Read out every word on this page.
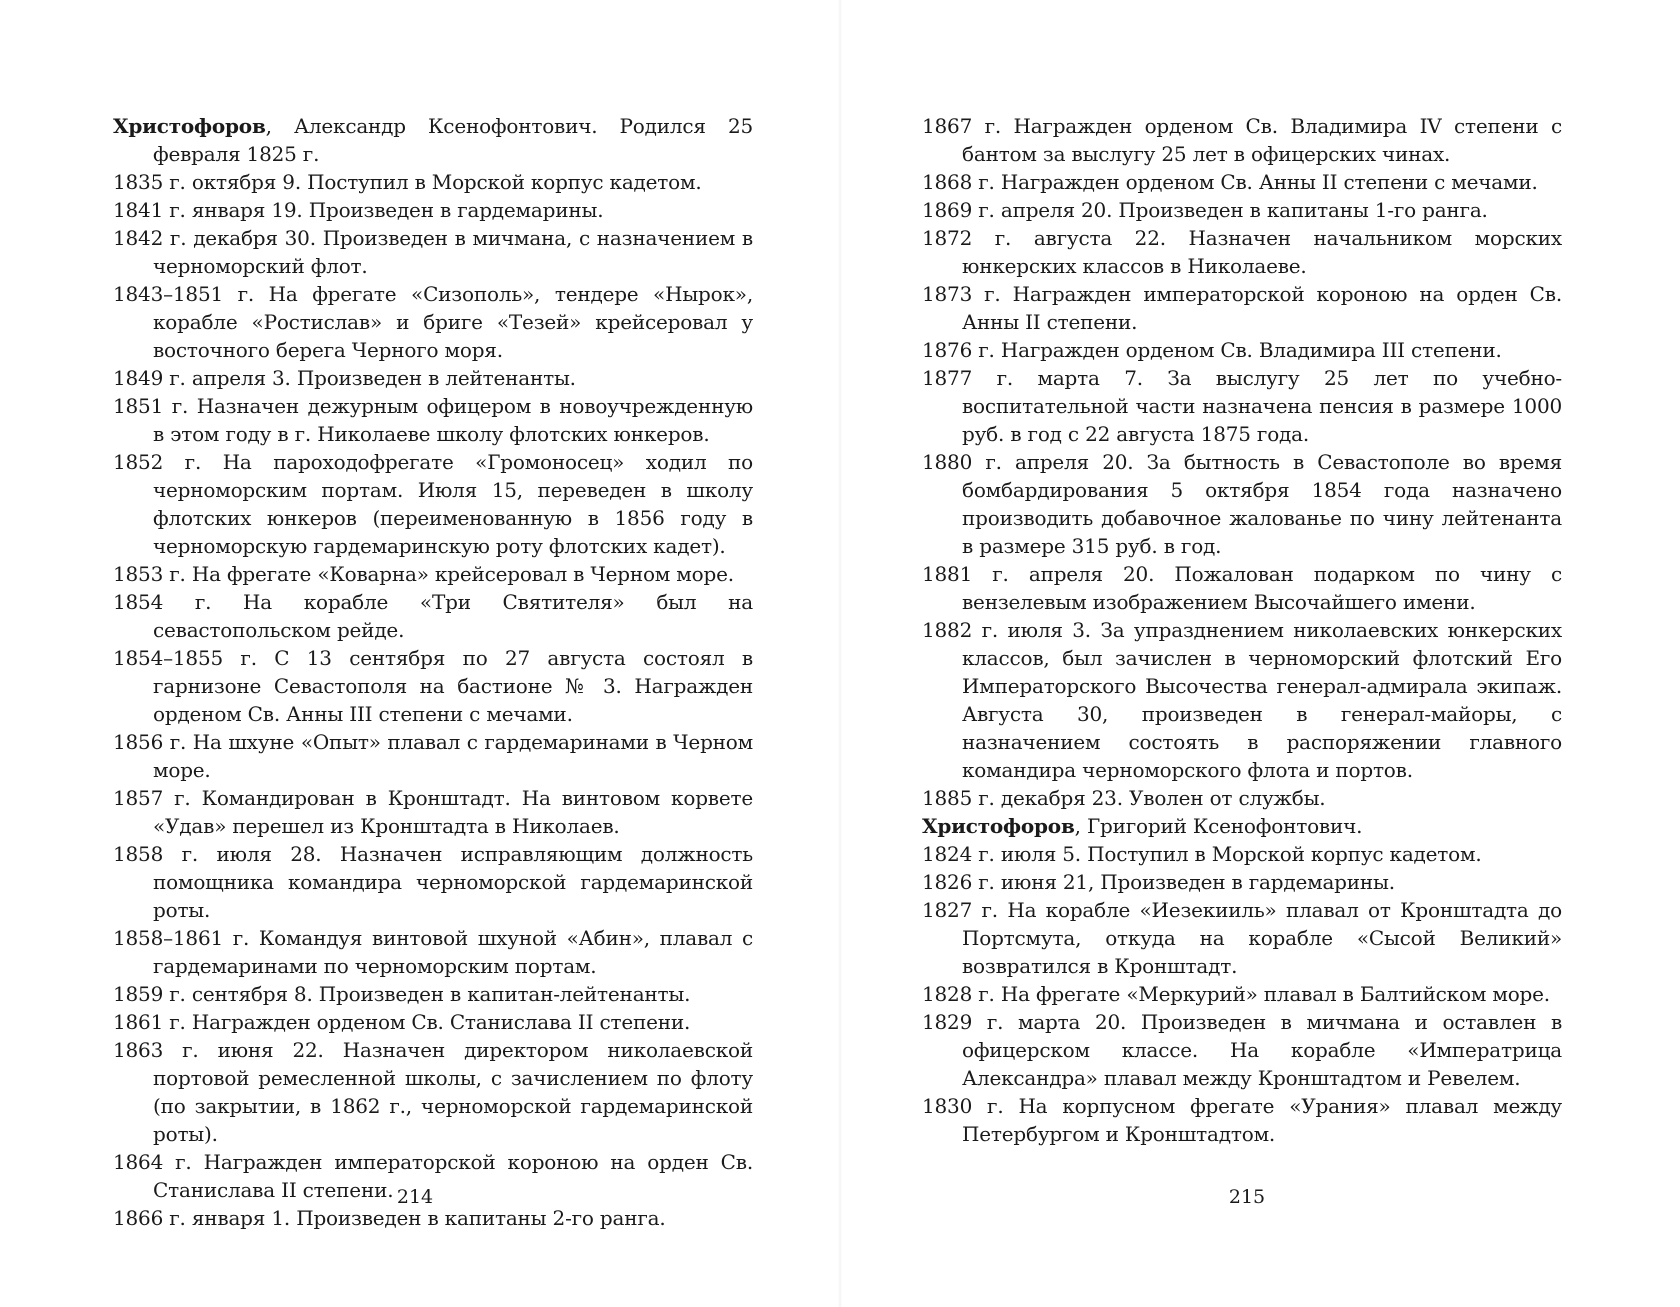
Христофоров, Александр Ксенофонтович. Родился 25 февраля 1825 г.

1835 г. октября 9. Поступил в Морской корпус кадетом.

1841 г. января 19. Произведен в гардемарины.

1842 г. декабря 30. Произведен в мичмана, с назначением в черноморский флот.

1843–1851 г. На фрегате «Сизополь», тендере «Нырок», корабле «Ростислав» и бриге «Тезей» крейсеровал у восточного берега Черного моря.

1849 г. апреля 3. Произведен в лейтенанты.

1851 г. Назначен дежурным офицером в новоучрежденную в этом году в г. Николаеве школу флотских юнкеров.

1852 г. На пароходофрегате «Громоносец» ходил по черноморским портам. Июля 15, переведен в школу флотских юнкеров (переименованную в 1856 году в черноморскую гардемаринскую роту флотских кадет).

1853 г. На фрегате «Коварна» крейсеровал в Черном море.

1854 г. На корабле «Три Святителя» был на севастопольском рейде.

1854–1855 г. С 13 сентября по 27 августа состоял в гарнизоне Севастополя на бастионе № 3. Награжден орденом Св. Анны III степени с мечами.

1856 г. На шхуне «Опыт» плавал с гардемаринами в Черном море.

1857 г. Командирован в Кронштадт. На винтовом корвете «Удав» перешел из Кронштадта в Николаев.

1858 г. июля 28. Назначен исправляющим должность помощника командира черноморской гардемаринской роты.

1858–1861 г. Командуя винтовой шхуной «Абин», плавал с гардемаринами по черноморским портам.

1859 г. сентября 8. Произведен в капитан-лейтенанты.

1861 г. Награжден орденом Св. Станислава II степени.

1863 г. июня 22. Назначен директором николаевской портовой ремесленной школы, с зачислением по флоту (по закрытии, в 1862 г., черноморской гардемаринской роты).

1864 г. Награжден императорской короною на орден Св. Станислава II степени.

1866 г. января 1. Произведен в капитаны 2-го ранга.

214

1867 г. Награжден орденом Св. Владимира IV степени с бантом за выслугу 25 лет в офицерских чинах.

1868 г. Награжден орденом Св. Анны II степени с мечами.

1869 г. апреля 20. Произведен в капитаны 1-го ранга.

1872 г. августа 22. Назначен начальником морских юнкерских классов в Николаеве.

1873 г. Награжден императорской короною на орден Св. Анны II степени.

1876 г. Награжден орденом Св. Владимира III степени.

1877 г. марта 7. За выслугу 25 лет по учебно-воспитательной части назначена пенсия в размере 1000 руб. в год с 22 августа 1875 года.

1880 г. апреля 20. За бытность в Севастополе во время бомбардирования 5 октября 1854 года назначено производить добавочное жалованье по чину лейтенанта в размере 315 руб. в год.

1881 г. апреля 20. Пожалован подарком по чину с вензелевым изображением Высочайшего имени.

1882 г. июля 3. За упразднением николаевских юнкерских классов, был зачислен в черноморский флотский Его Императорского Высочества генерал-адмирала экипаж. Августа 30, произведен в генерал-майоры, с назначением состоять в распоряжении главного командира черноморского флота и портов.

1885 г. декабря 23. Уволен от службы.

Христофоров, Григорий Ксенофонтович.

1824 г. июля 5. Поступил в Морской корпус кадетом.

1826 г. июня 21, Произведен в гардемарины.

1827 г. На корабле «Иезекииль» плавал от Кронштадта до Портсмута, откуда на корабле «Сысой Великий» возвратился в Кронштадт.

1828 г. На фрегате «Меркурий» плавал в Балтийском море.

1829 г. марта 20. Произведен в мичмана и оставлен в офицерском классе. На корабле «Императрица Александра» плавал между Кронштадтом и Ревелем.

1830 г. На корпусном фрегате «Урания» плавал между Петербургом и Кронштадтом.

215
